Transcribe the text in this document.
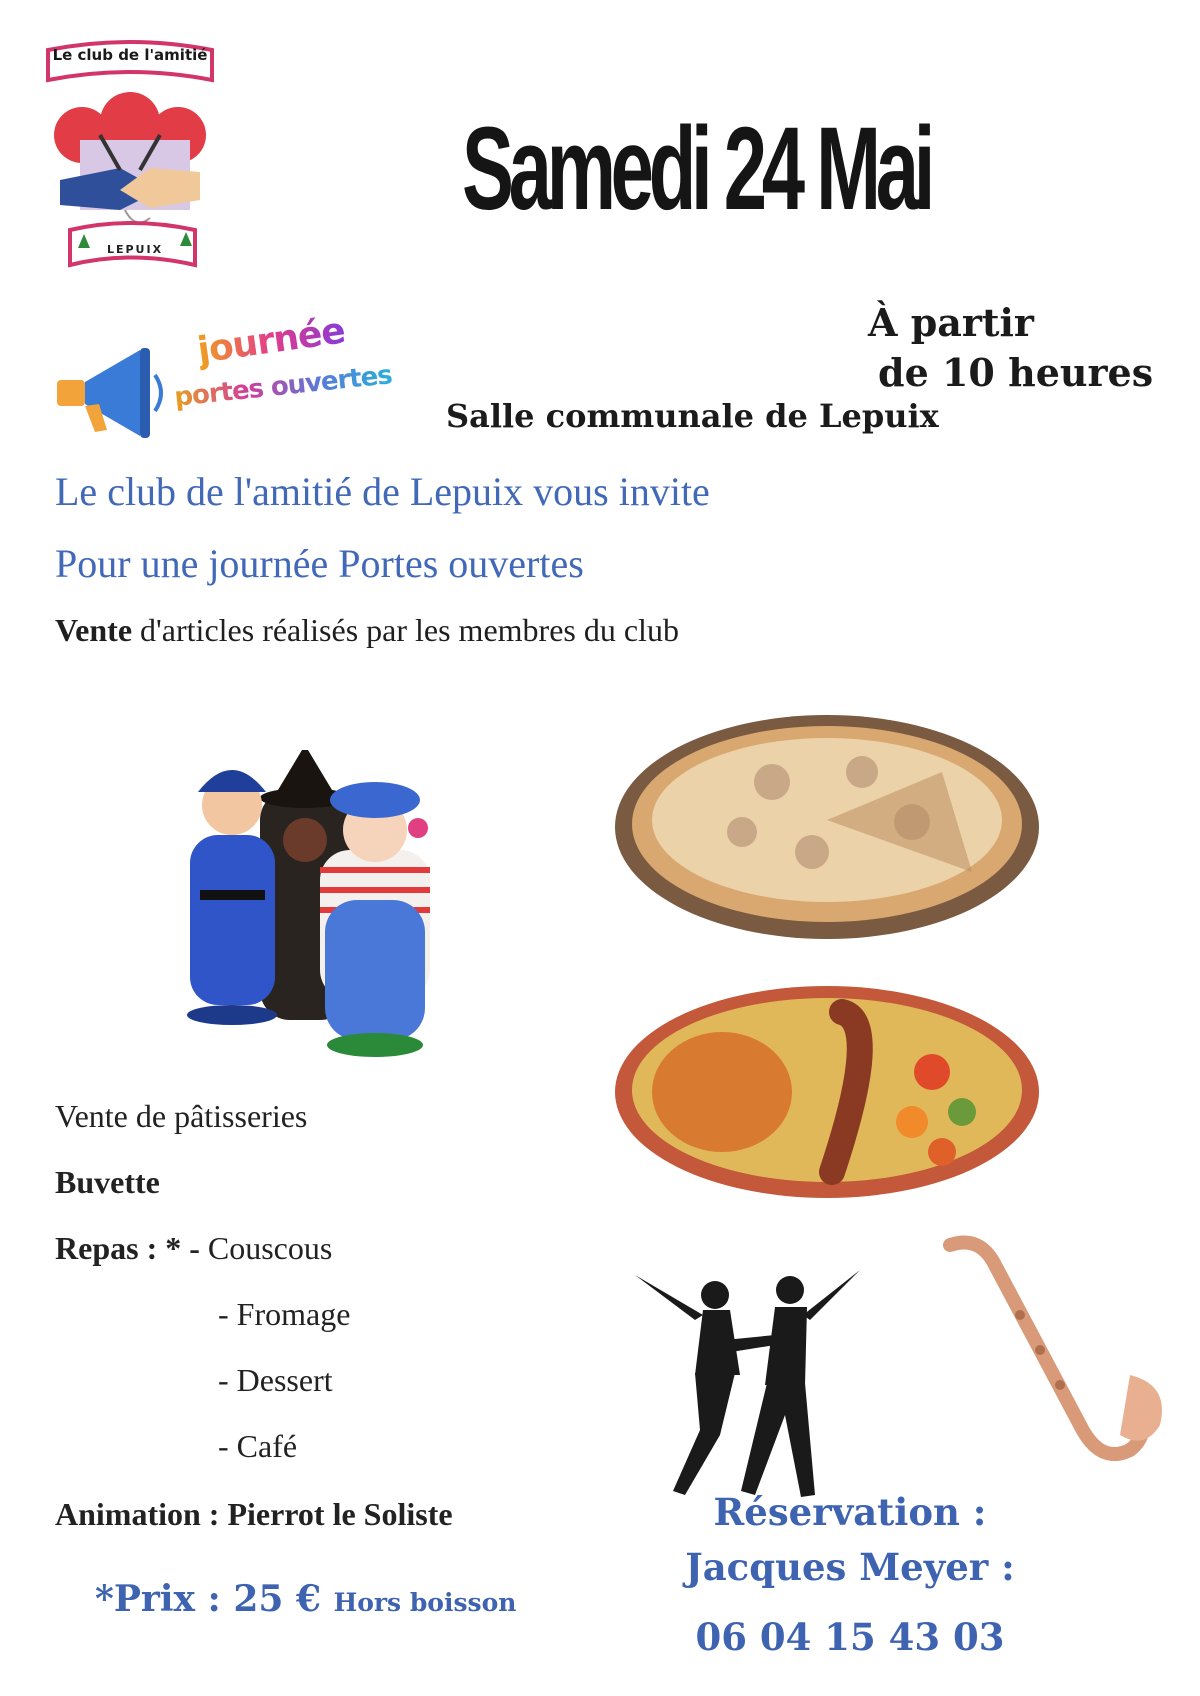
Le club de l'amitié
LEPUIX
journée
portes ouvertes
Samedi 24 Mai
À partir
de 10 heures
Salle communale de Lepuix
Le club de l'amitié de Lepuix vous invite
Pour une journée Portes ouvertes
Vente d'articles réalisés par les membres du club
Vente de pâtisseries
Buvette
Repas : * - Couscous
- Fromage
- Dessert
- Café
Animation : Pierrot le Soliste
*Prix : 25 € Hors boisson
Réservation :
Jacques Meyer :
06 04 15 43 03
